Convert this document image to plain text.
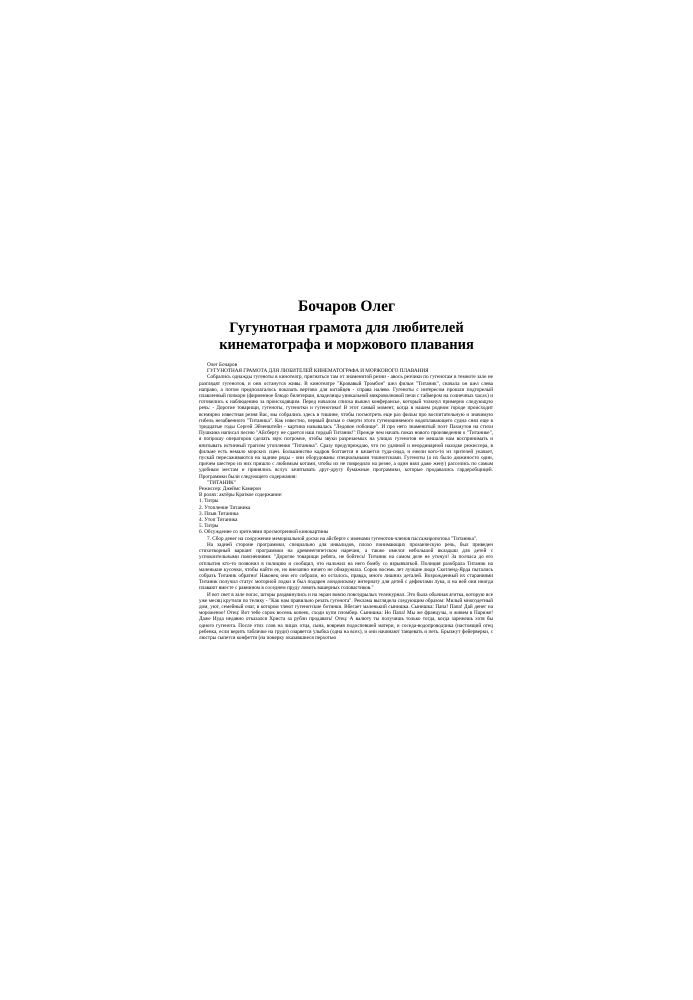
Бочаров Олег
Гугунотная грамота для любителей
кинематографа и моржового плавания

Олег Бочаров

ГУГУНОТНАЯ ГРАМОТА ДЛЯ ЛЮБИТЕЛЕЙ КИНЕМАТОГРАФА И МОРЖОВОГО ПЛАВАНИЯ

Собрались однажды гугеноты в кинотеатр, пригнаться там от знаменитой резни - авось резчики по гугенотам в темноте зале не разглядят гугенотов, и они останутся живы. В кинотеатре "Кровавый Тромбон" шел фильм "Титаник", сначала он шел слева направо, а потом предполагалось показать вертово для китайцев - справа налево. Гугеноты с интересом прошли подгорелый плавленный попкорн (фирменное блюдо билетерши, владелицы уникальной микроволновой печи с таймером на солнечных часах) и готовились к наблюдению за происходящим. Перед началом списка вышел конферансье, который толкнул примерно следующую речь: - Дорогие товарищи, гугеноты, гугенотки и гугенотики! В этот самый момент, когда в нашем родном городе происходит всемирно известная резня Вас, мы собрались здесь в тишине, чтобы посмотреть еще раз фильм про воспитательную и значимую гибель незабвенного "Титаника". Как известно, первый фильм о смерти этого гугеношняемого водоплавающего судна снял еще в тридцатые годы Сергей Эйзенштейн - картина называлась "Ледовое побоище". И про него знаменитый поэт Пахмутов на стихи Пушкина написал песню "Айсбергу не сдается наш гордый Титаник!" Прежде чем начать показ нового произведения о "Титанике", я попрошу операторов сделать звук погромче, чтобы звуки разрезаемых на улицах гугенотов не мешали нам воспринимать и впитывать истинный трагизм утопления "Титаника". Сразу предупреждаю, что по удачной и неординарной находке режиссера, в фильме есть немало морских сцен. Большинство кадров болтается и качается туда-сюда, и ежели кого-то из зрителей укачает, пускай пересаживаются на задние ряды - они оборудованы специальными тошнотсками. Гугеноты (а их было дюжиносто один, причем шестеро из них пришло с любимым котами, чтобы их не повредило на резне, а один взял даже жену) расселись по самым удобным местам и принялись вслух зачитывать друг-другу бумажные программки, которые продавались гардеробщицей. Программки были следующего содержания:

"ТИТАНИК"

Режиссер: Джеймс Камерон

В ролях: актёры Краткое содержание:

1. Титры

2. Утопление Титаника

3. Плыв Титаника

4. Утоп Титаника

5. Титры

6. Обсуждение со зрителями просмотренной кинокартины

7. Сбор денег на сооружение мемориальной доски на айсберге с именами гугенотов-членов пассажиропотока "Титаника".

На задней стороне программки, специально для инвалидов, плохо понимающих прозаическую речь, был приведен стихотворный вариант программки на древнеегипетском наречии, а также имелся небольшой вкладыш для детей с успокоительными пояснениями: "Дорогие товарищи ребята, не бойтесь! Титаник на самом деле не утонул! За полчаса до его отплытия кто-то позвонил в полицию и сообщил, что наложил на него бомбу со взрывчаткой. Полиция разобрала Титаник на маленькие кусочки, чтобы найти ее, но внезапно ничего не обнаружила. Сорок восемь лет лучшие люди Скотленд-Ярда пытались собрать Титаник обратно! Наконец они его собрали, но осталось, правда, много лишних деталей. Возрожденный их стараниями Титаник получил статус моторной лодки и был подарен лондонскому интернату для детей с дефектами лука, и на ней они иногда плавают вместе с равнином в соседнем пруду ловить вашерных головастиков."

И вот свет в зале погас, шторы раздвинулись и на экран вовсю повседрылых тележурнал. Это была обычная агитка, которую все уже месяц крутили по телику - "Как нам правильно резать гугенота". Реклама выглядела следующим образом: Милый многодетный дом, уют, семейный очаг, в котором тлеют гугенотские ботинки. Вбегает маленький сынишка. Сынишка: Папа! Папа! Дай денег на мороженое! Отец: Вот тебе сорок восемь копеек, сходи купи пломбир. Сынишка: Но Папа! Мы же французы, и живем в Париже! Даже Иуда недавно отказался Христа за рубли продавать! Отец: А валюту ты получишь только тогда, когда зарежешь хотя бы одного гугенота. После этих слов на лицах отца, сына, вовремя подоспевшей матери, и соседа-водопроводчика (настоящий отец ребенка, если верить табличке на груди) озаряется улыбка (одна на всех), и они начинают танцевать и петь. Брызжут фейерверки, с люстры сыпется конфетти (на поверку оказавшиеся перхотью
